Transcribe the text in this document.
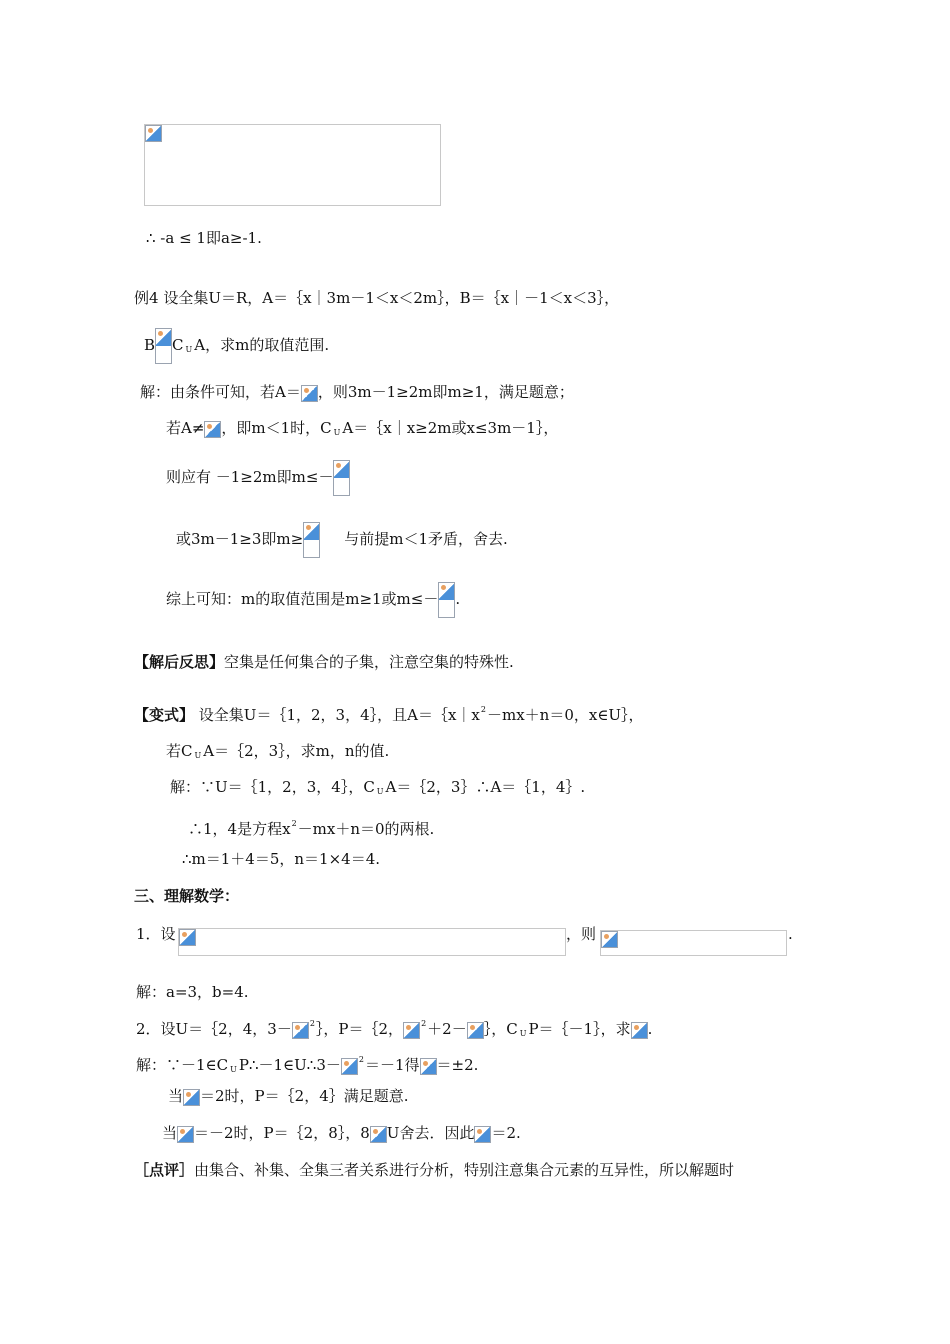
∴ -a ≤ 1即a≥-1.
例4 设全集U＝R，A＝｛x｜3m－1＜x＜2m｝，B＝｛x｜－1＜x＜3｝，
B C $_U$ A，求m的取值范围.
解：由条件可知，若A＝ ，则3m－1≥2m即m≥1，满足题意；
若A≠ ，即m＜1时，C $_U$ A＝｛x｜x≥2m或x≤3m－1｝，
则应有 －1≥2m即m≤－
或3m－1≥3即m≥	与前提m＜1矛盾，舍去.
综上可知：m的取值范围是m≥1或m≤－ .
【解后反思】空集是任何集合的子集，注意空集的特殊性.
【变式】 设全集U＝｛1，2，3，4｝，且$A=\{x|x^2-mx+n=0$，x∈U｝，
若C $_U$ A＝｛2，3｝，求m，n的值.
解：∵U＝｛1，2，3，4｝，C $_U$ A＝｛2，3｝∴A＝｛1，4｝.
∴1，4是方程$x^2-mx+n=0$的两根.
∴m＝1＋4＝5，n＝1×4＝4.
三、理解数学：
1．设	，则	.
解：a=3，b=4.
2．设U＝｛2，4，3－ $^2$｝，P＝｛2， $^2$＋2－ ｝，C $_U$ P＝｛－1｝，求 .
解：∵－1∈C $_U$ P∴－1∈U∴3－ $^2$＝－1得 ＝±2.
当 ＝2时，P＝｛2，4｝满足题意.
当 ＝－2时，P＝｛2，8｝，8 U舍去．因此 ＝2.
［点评］由集合、补集、全集三者关系进行分析，特别注意集合元素的互异性，所以解题时
